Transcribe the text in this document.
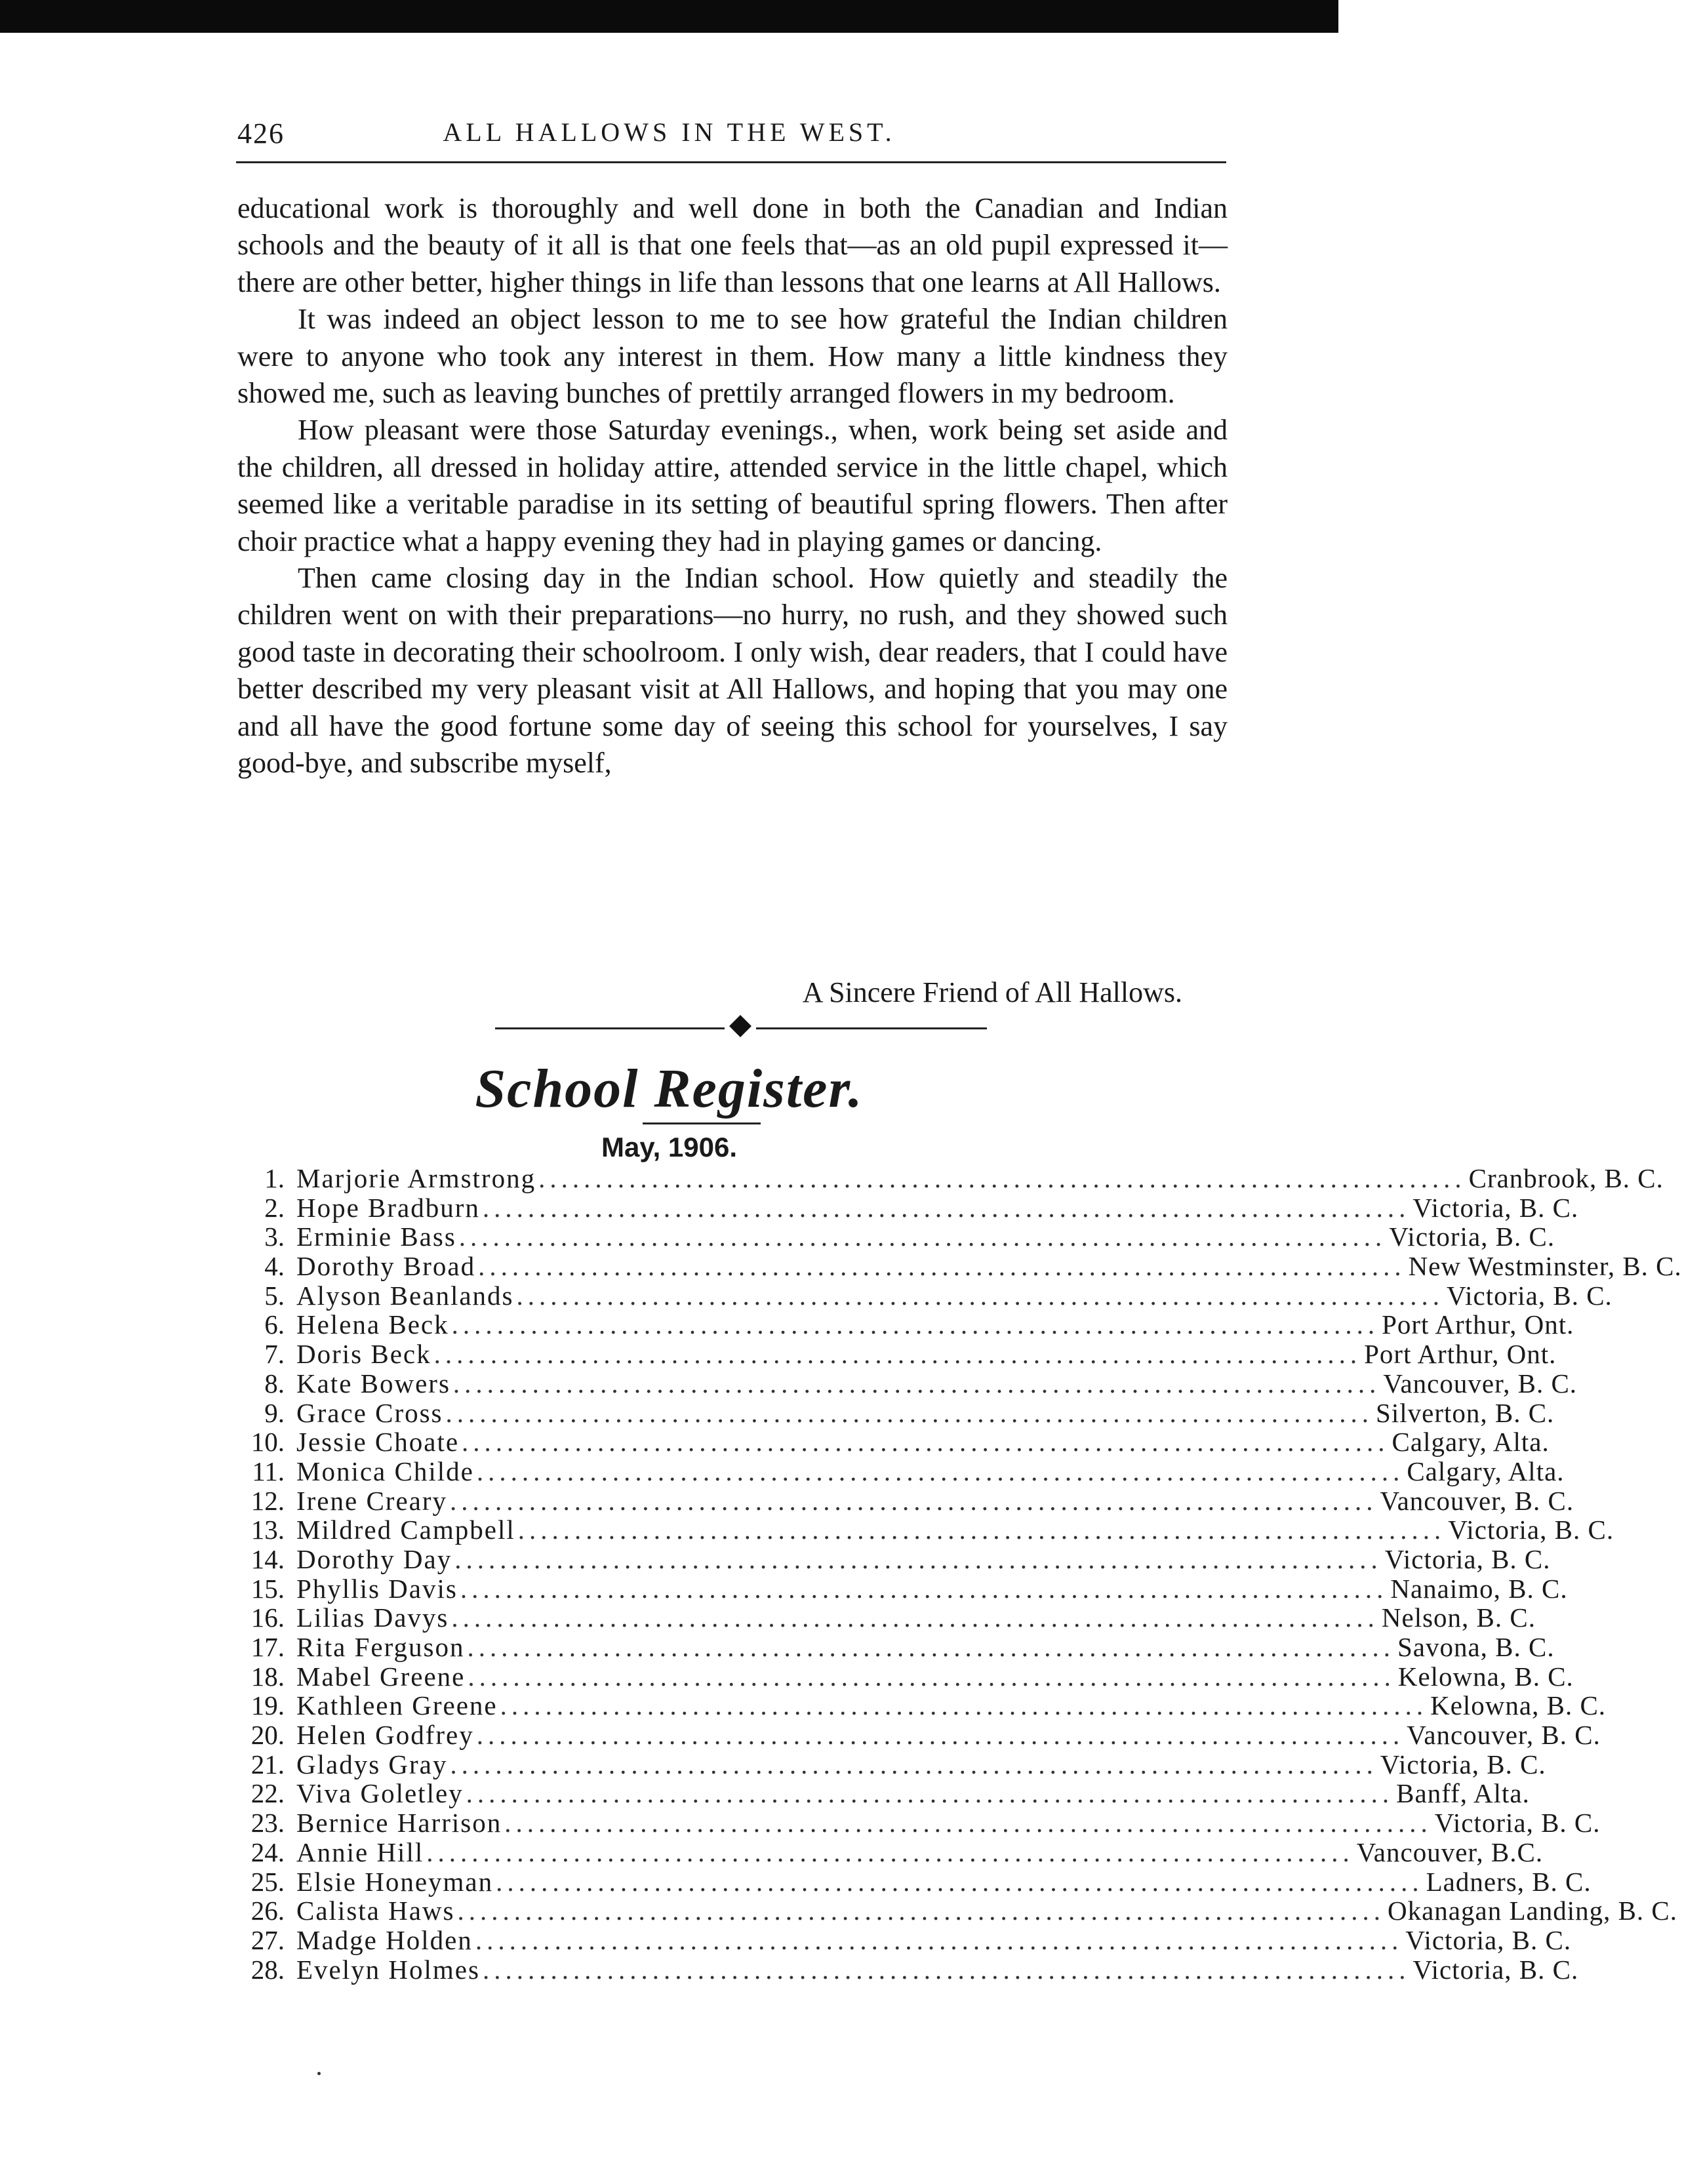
426	ALL HALLOWS IN THE WEST.

educational work is thoroughly and well done in both the Canadian and Indian schools and the beauty of it all is that one feels that—as an old pupil expressed it—there are other better, higher things in life than lessons that one learns at All Hallows.

It was indeed an object lesson to me to see how grateful the Indian children were to anyone who took any interest in them. How many a little kindness they showed me, such as leaving bunches of prettily arranged flowers in my bedroom.

How pleasant were those Saturday evenings., when, work being set aside and the children, all dressed in holiday attire, attended service in the little chapel, which seemed like a veritable paradise in its setting of beautiful spring flowers. Then after choir practice what a happy evening they had in playing games or dancing.

Then came closing day in the Indian school. How quietly and steadily the children went on with their preparations—no hurry, no rush, and they showed such good taste in decorating their schoolroom. I only wish, dear readers, that I could have better described my very pleasant visit at All Hallows, and hoping that you may one and all have the good fortune some day of seeing this school for yourselves, I say good-bye, and subscribe myself,

A Sincere Friend of All Hallows.
School Register.
May, 1906.
1. Marjorie Armstrong .................................................................................. Cranbrook, B. C.
2. Hope Bradburn .................................................................................. Victoria, B. C.
3. Erminie Bass .................................................................................. Victoria, B. C.
4. Dorothy Broad .................................................................................. New Westminster, B. C.
5. Alyson Beanlands .................................................................................. Victoria, B. C.
6. Helena Beck .................................................................................. Port Arthur, Ont.
7. Doris Beck .................................................................................. Port Arthur, Ont.
8. Kate Bowers .................................................................................. Vancouver, B. C.
9. Grace Cross .................................................................................. Silverton, B. C.
10. Jessie Choate .................................................................................. Calgary, Alta.
11. Monica Childe .................................................................................. Calgary, Alta.
12. Irene Creary .................................................................................. Vancouver, B. C.
13. Mildred Campbell .................................................................................. Victoria, B. C.
14. Dorothy Day .................................................................................. Victoria, B. C.
15. Phyllis Davis .................................................................................. Nanaimo, B. C.
16. Lilias Davys .................................................................................. Nelson, B. C.
17. Rita Ferguson .................................................................................. Savona, B. C.
18. Mabel Greene .................................................................................. Kelowna, B. C.
19. Kathleen Greene .................................................................................. Kelowna, B. C.
20. Helen Godfrey .................................................................................. Vancouver, B. C.
21. Gladys Gray .................................................................................. Victoria, B. C.
22. Viva Goletley .................................................................................. Banff, Alta.
23. Bernice Harrison .................................................................................. Victoria, B. C.
24. Annie Hill .................................................................................. Vancouver, B.C.
25. Elsie Honeyman .................................................................................. Ladners, B. C.
26. Calista Haws .................................................................................. Okanagan Landing, B. C.
27. Madge Holden .................................................................................. Victoria, B. C.
28. Evelyn Holmes .................................................................................. Victoria, B. C.
